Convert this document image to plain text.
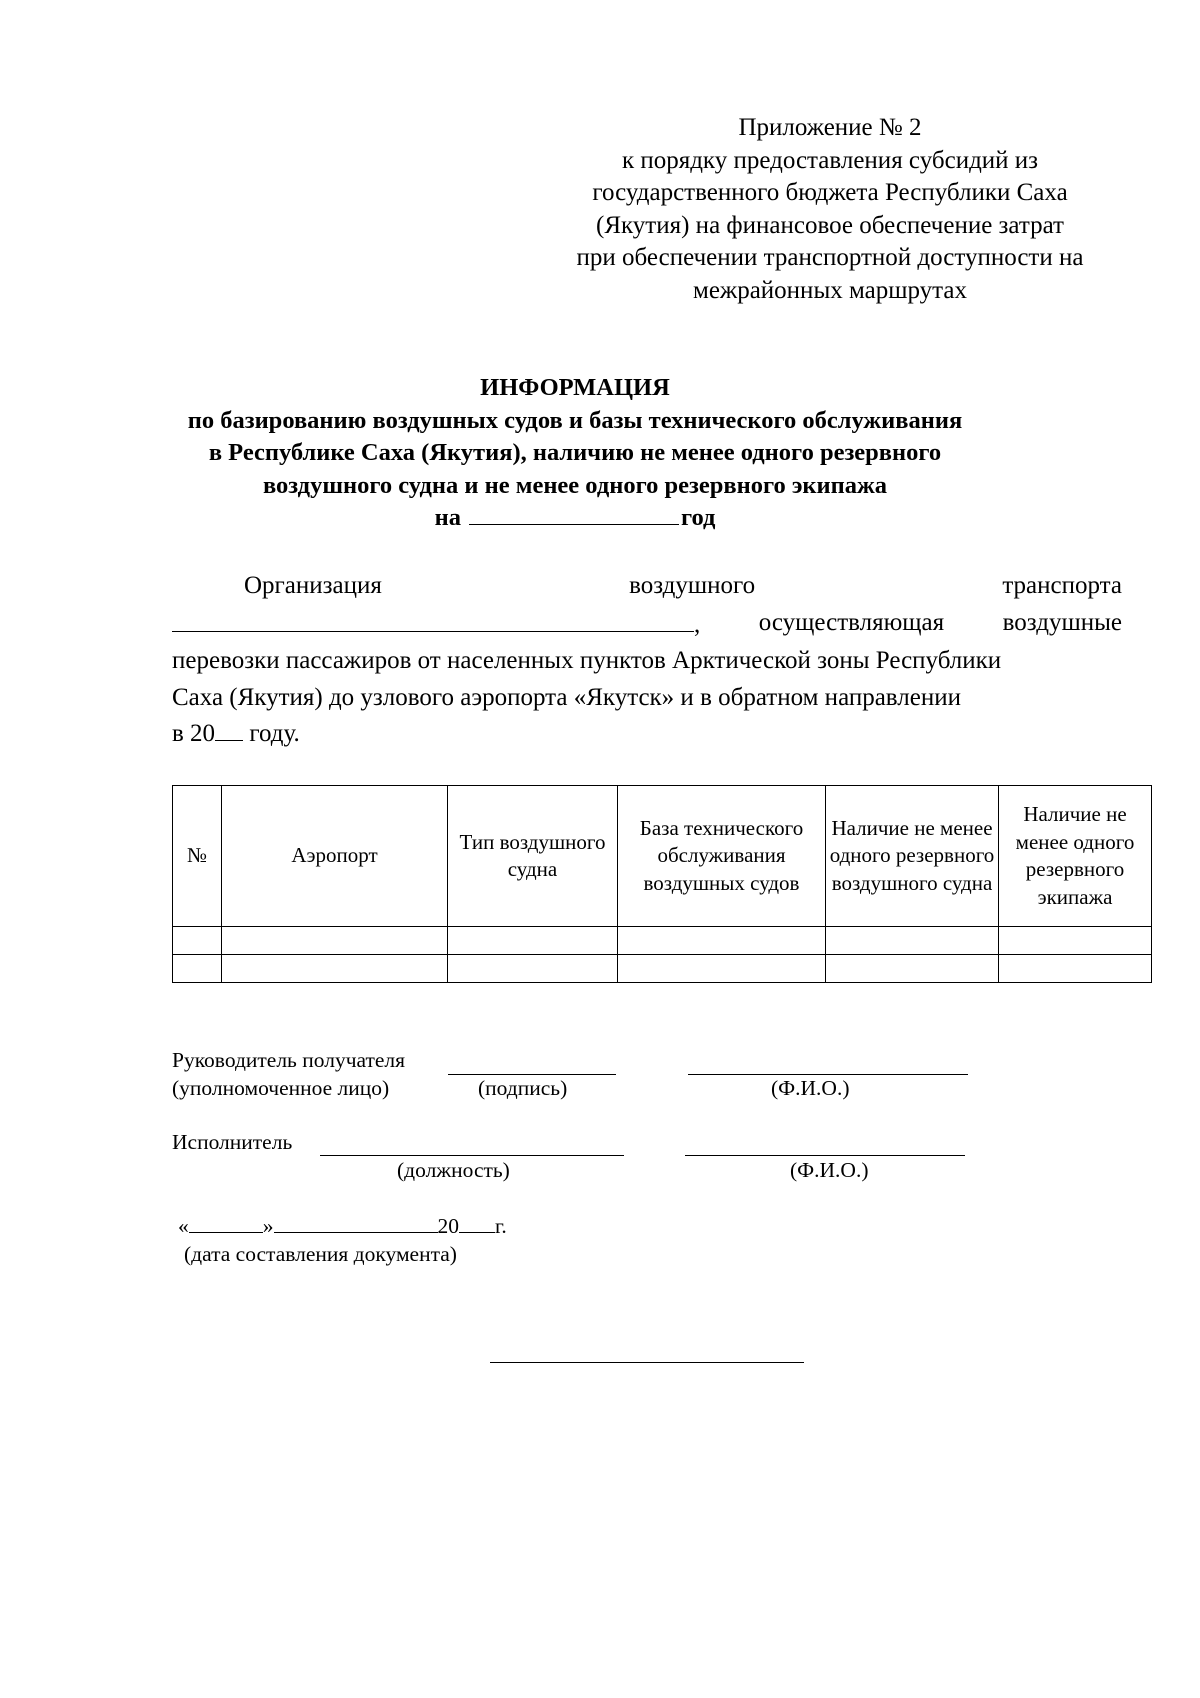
Приложение № 2
к порядку предоставления субсидий из
государственного бюджета Республики Саха
(Якутия) на финансовое обеспечение затрат
при обеспечении транспортной доступности на
межрайонных маршрутах
ИНФОРМАЦИЯ
по базированию воздушных судов и базы технического обслуживания
в Республике Саха (Якутия), наличию не менее одного резервного
воздушного судна и не менее одного резервного экипажа
на	год
Организация	воздушного	транспорта
, осуществляющая воздушные
перевозки пассажиров от населенных пунктов Арктической зоны Республики
Саха (Якутия) до узлового аэропорта «Якутск» и в обратном направлении
в 20 году.
№	Аэропорт	Тип воздушного судна	База технического обслуживания воздушных судов	Наличие не менее одного резервного воздушного судна	Наличие не менее одного резервного экипажа

Руководитель получателя
(уполномоченное лицо)	(подпись)	(Ф.И.О.)
Исполнитель
(должность)	(Ф.И.О.)
«	»	20 г.
(дата составления документа)
